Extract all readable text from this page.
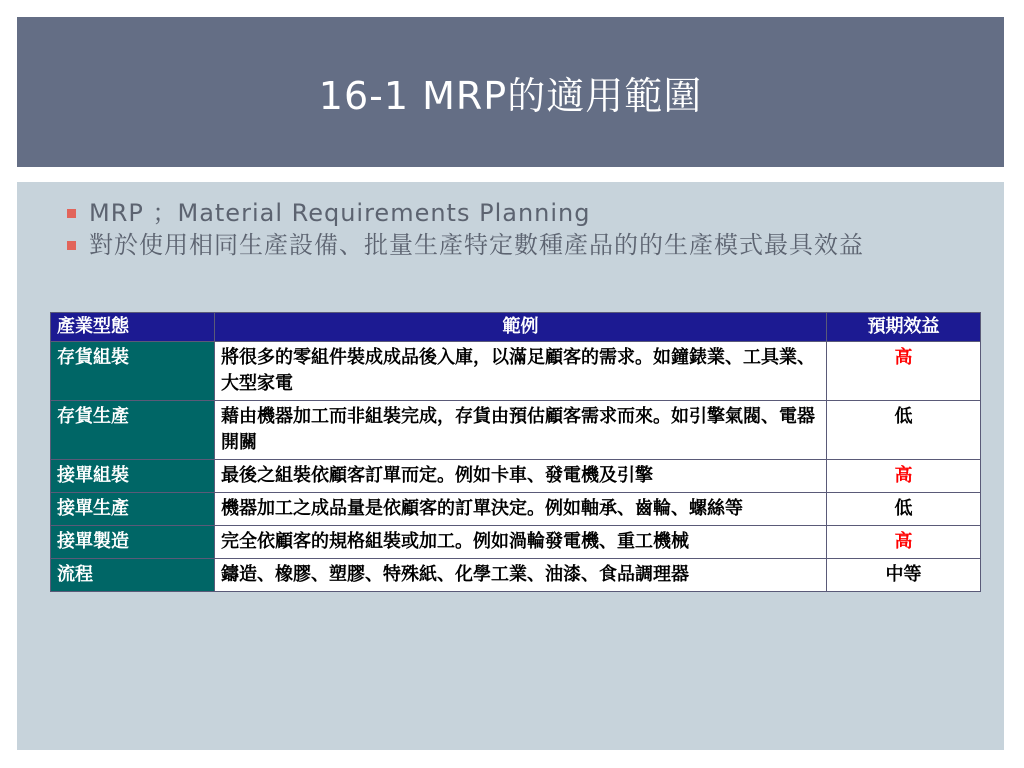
16-1 MRP的適用範圍
MRP ；Material Requirements Planning
對於使用相同生產設備、批量生產特定數種產品的的生產模式最具效益
產業型態	範例	預期效益
存貨組裝	將很多的零組件裝成成品後入庫，以滿足顧客的需求。如鐘錶業、工具業、大型家電	高
存貨生產	藉由機器加工而非組裝完成，存貨由預估顧客需求而來。如引擎氣閥、電器開關	低
接單組裝	最後之組裝依顧客訂單而定。例如卡車、發電機及引擎	高
接單生產	機器加工之成品量是依顧客的訂單決定。例如軸承、齒輪、螺絲等	低
接單製造	完全依顧客的規格組裝或加工。例如渦輪發電機、重工機械	高
流程	鑄造、橡膠、塑膠、特殊紙、化學工業、油漆、食品調理器	中等
